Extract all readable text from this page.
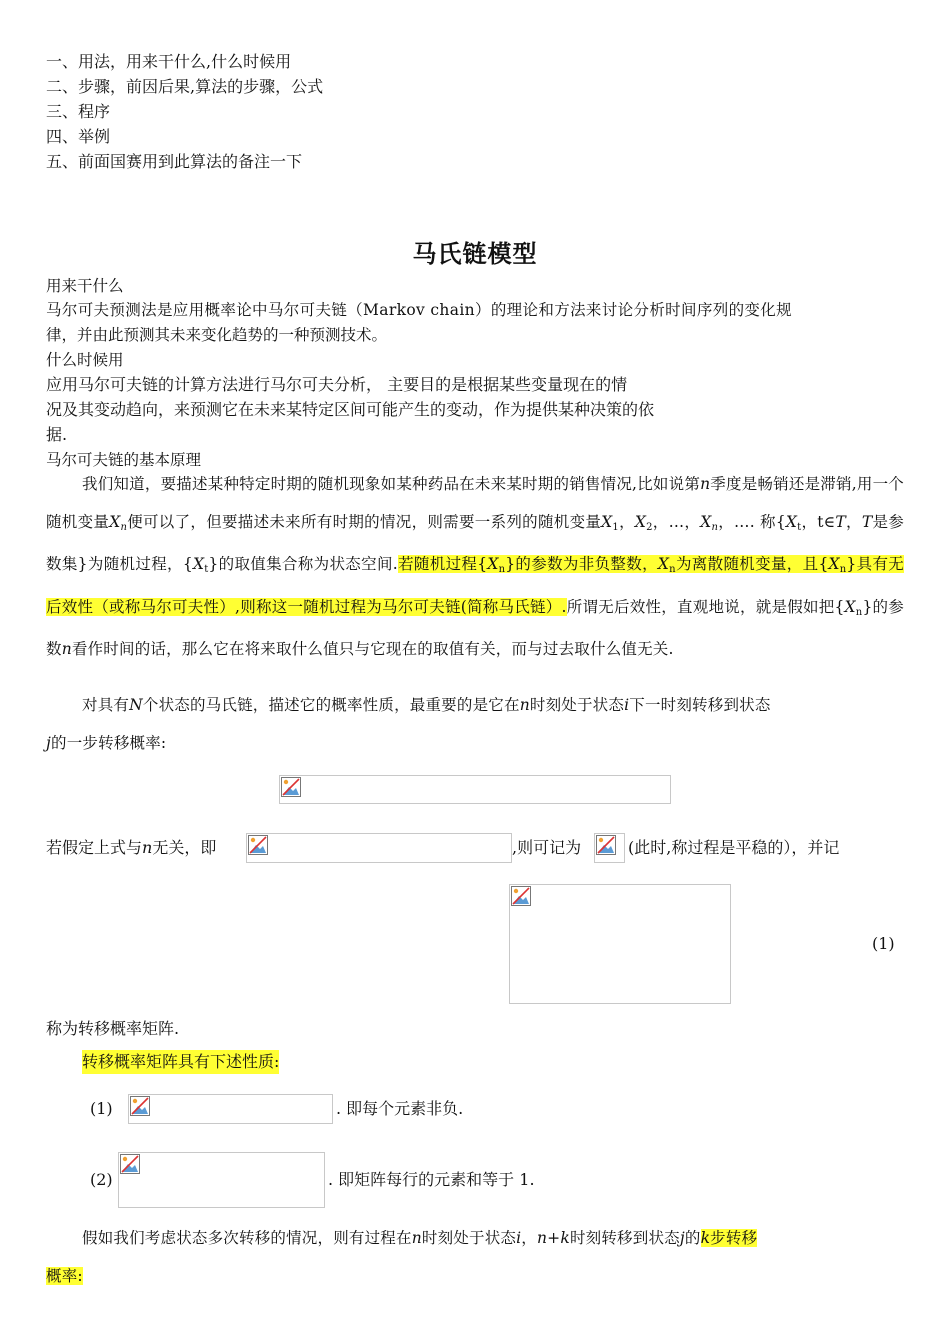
一、用法，用来干什么,什么时候用
二、步骤，前因后果,算法的步骤，公式
三、程序
四、举例
五、前面国赛用到此算法的备注一下
马氏链模型
用来干什么
马尔可夫预测法是应用概率论中马尔可夫链（Markov chain）的理论和方法来讨论分析时间序列的变化规
律，并由此预测其未来变化趋势的一种预测技术。
什么时候用
应用马尔可夫链的计算方法进行马尔可夫分析， 主要目的是根据某些变量现在的情
况及其变动趋向，来预测它在未来某特定区间可能产生的变动，作为提供某种决策的依
据.
马尔可夫链的基本原理
我们知道，要描述某种特定时期的随机现象如某种药品在未来某时期的销售情况,比如说第n季度是畅销还是滞销,用一个随机变量$X_n$便可以了，但要描述未来所有时期的情况，则需要一系列的随机变量$X_1$，$X_2$，…，$X_n$，…. 称{$X_t$，t∈T，T是参数集}为随机过程，$\{X_t\}$的取值集合称为状态空间.若随机过程$\{X_n\}$的参数为非负整数，$X_n$为离散随机变量，且$\{X_n\}$具有无后效性（或称马尔可夫性）,则称这一随机过程为马尔可夫链(简称马氏链）.所谓无后效性，直观地说，就是假如把$\{X_n\}$的参数n看作时间的话，那么它在将来取什么值只与它现在的取值有关，而与过去取什么值无关.
对具有N个状态的马氏链，描述它的概率性质，最重要的是它在n时刻处于状态i下一时刻转移到状态
j的一步转移概率:
若假定上式与n无关，即	,则可记为	(此时,称过程是平稳的），并记
(1)
称为转移概率矩阵.
转移概率矩阵具有下述性质:
(1)	. 即每个元素非负.
(2)	. 即矩阵每行的元素和等于 1.
假如我们考虑状态多次转移的情况，则有过程在n时刻处于状态i，n+k时刻转移到状态j的k步转移
概率:
